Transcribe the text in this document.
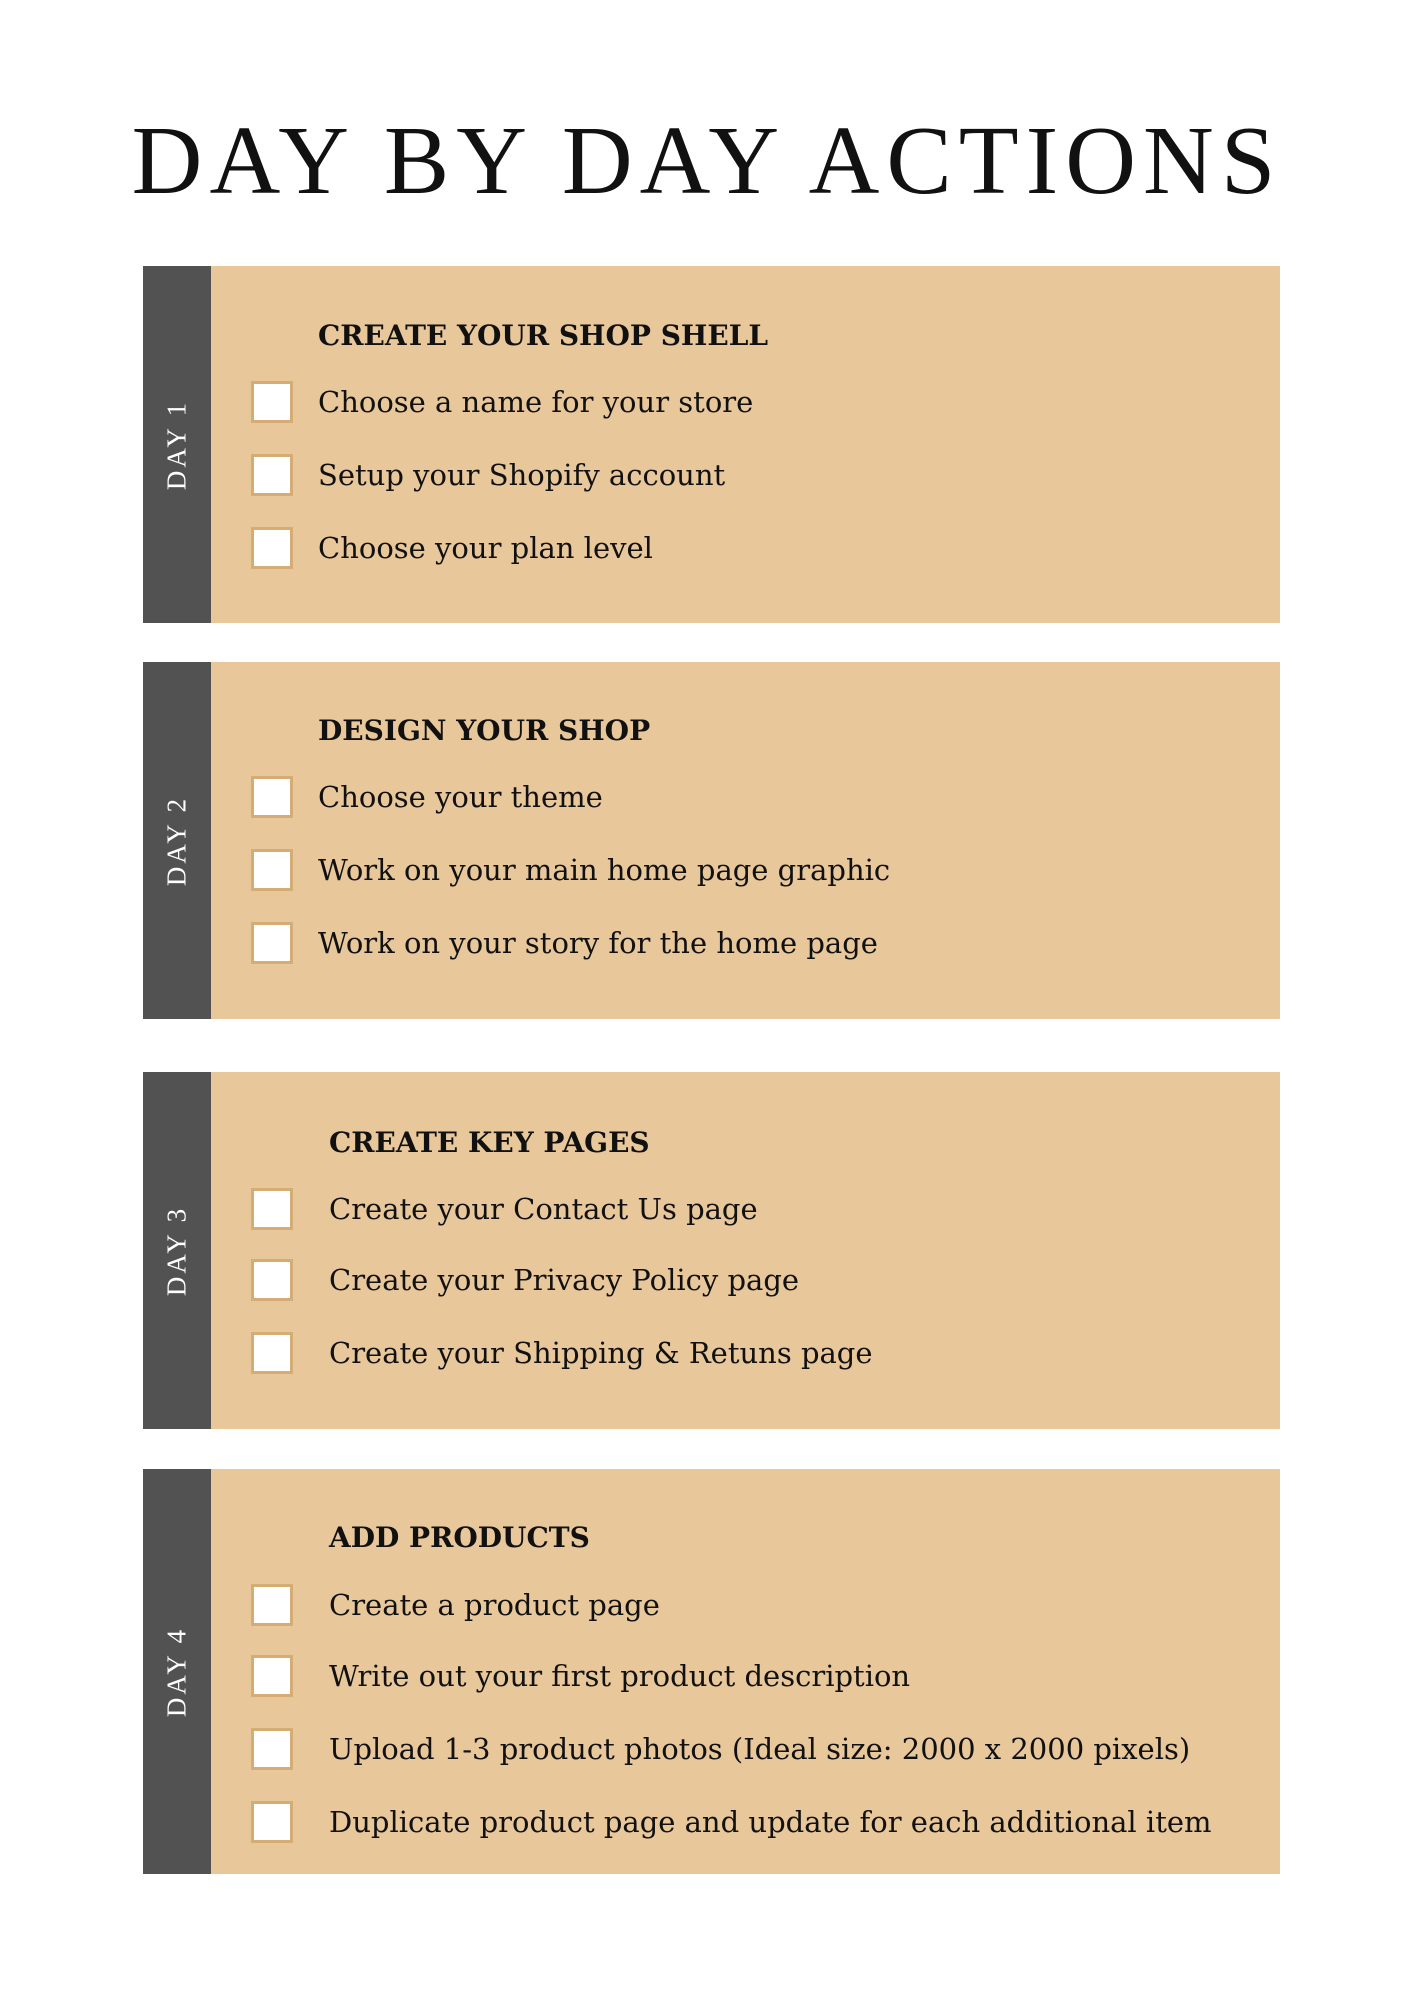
DAY BY DAY ACTIONS
DAY 1
CREATE YOUR SHOP SHELL
Choose a name for your store
Setup your Shopify account
Choose your plan level
DAY 2
DESIGN YOUR SHOP
Choose your theme
Work on your main home page graphic
Work on your story for the home page
DAY 3
CREATE KEY PAGES
Create your Contact Us page
Create your Privacy Policy page
Create your Shipping & Retuns page
DAY 4
ADD PRODUCTS
Create a product page
Write out your first product description
Upload 1-3 product photos (Ideal size: 2000 x 2000 pixels)
Duplicate product page and update for each additional item
